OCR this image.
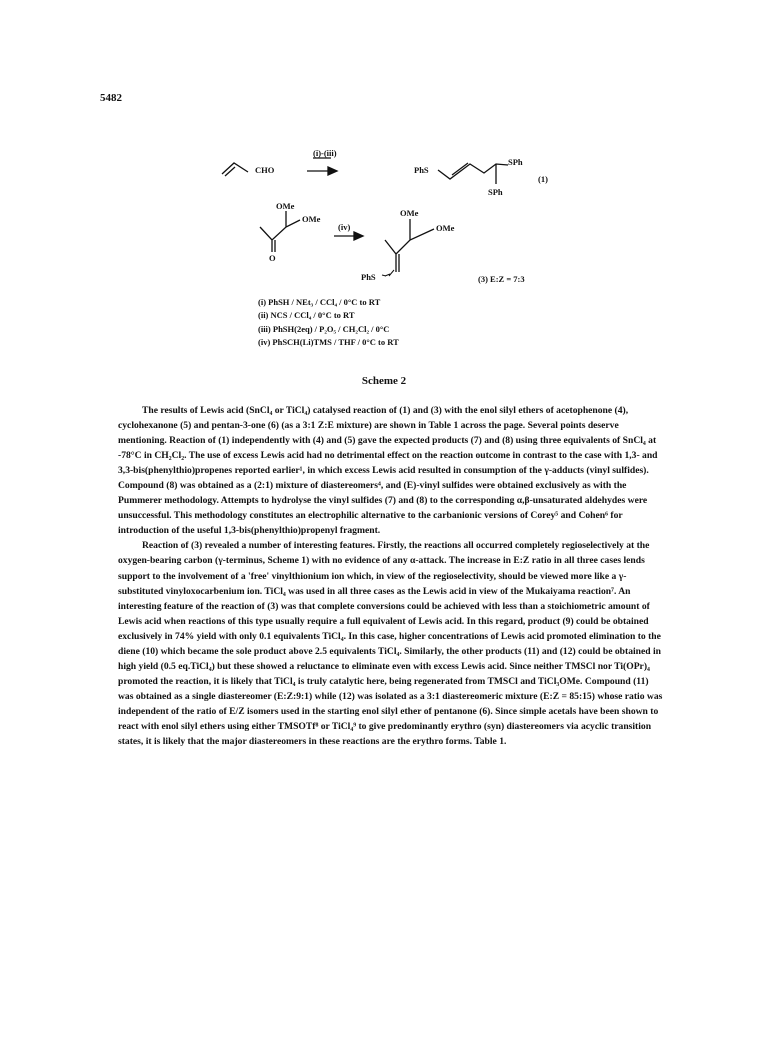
5482
CHO
(i)-(iii)
PhS
SPh
SPh
(1)
OMe
OMe
O
(iv)
OMe
OMe
PhS	(3) E:Z = 7:3
(i) PhSH / NEt₃ / CCl₄ / 0°C to RT
(ii) NCS / CCl₄ / 0°C to RT
(iii) PhSH(2eq) / P₂O₅ / CH₂Cl₂ / 0°C
(iv) PhSCH(Li)TMS / THF / 0°C to RT
Scheme 2

The results of Lewis acid (SnCl₄ or TiCl₄) catalysed reaction of (1) and (3) with the enol silyl ethers of acetophenone (4), cyclohexanone (5) and pentan-3-one (6) (as a 3:1 Z:E mixture) are shown in Table 1 across the page. Several points deserve mentioning. Reaction of (1) independently with (4) and (5) gave the expected products (7) and (8) using three equivalents of SnCl₄ at -78°C in CH₂Cl₂. The use of excess Lewis acid had no detrimental effect on the reaction outcome in contrast to the case with 1,3- and 3,3-bis(phenylthio)propenes reported earlier¹, in which excess Lewis acid resulted in consumption of the γ-adducts (vinyl sulfides). Compound (8) was obtained as a (2:1) mixture of diastereomers⁴, and (E)-vinyl sulfides were obtained exclusively as with the Pummerer methodology. Attempts to hydrolyse the vinyl sulfides (7) and (8) to the corresponding α,β-unsaturated aldehydes were unsuccessful. This methodology constitutes an electrophilic alternative to the carbanionic versions of Corey⁵ and Cohen⁶ for introduction of the useful 1,3-bis(phenylthio)propenyl fragment.

Reaction of (3) revealed a number of interesting features. Firstly, the reactions all occurred completely regioselectively at the oxygen-bearing carbon (γ-terminus, Scheme 1) with no evidence of any α-attack. The increase in E:Z ratio in all three cases lends support to the involvement of a 'free' vinylthionium ion which, in view of the regioselectivity, should be viewed more like a γ-substituted vinyloxocarbenium ion. TiCl₄ was used in all three cases as the Lewis acid in view of the Mukaiyama reaction⁷. An interesting feature of the reaction of (3) was that complete conversions could be achieved with less than a stoichiometric amount of Lewis acid when reactions of this type usually require a full equivalent of Lewis acid. In this regard, product (9) could be obtained exclusively in 74% yield with only 0.1 equivalents TiCl₄. In this case, higher concentrations of Lewis acid promoted elimination to the diene (10) which became the sole product above 2.5 equivalents TiCl₄. Similarly, the other products (11) and (12) could be obtained in high yield (0.5 eq.TiCl₄) but these showed a reluctance to eliminate even with excess Lewis acid. Since neither TMSCl nor Ti(OPr)₄ promoted the reaction, it is likely that TiCl₄ is truly catalytic here, being regenerated from TMSCl and TiCl₃OMe. Compound (11) was obtained as a single diastereomer (E:Z:9:1) while (12) was isolated as a 3:1 diastereomeric mixture (E:Z = 85:15) whose ratio was independent of the ratio of E/Z isomers used in the starting enol silyl ether of pentanone (6). Since simple acetals have been shown to react with enol silyl ethers using either TMSOTf⁸ or TiCl₄⁹ to give predominantly erythro (syn) diastereomers via acyclic transition states, it is likely that the major diastereomers in these reactions are the erythro forms. Table 1.
